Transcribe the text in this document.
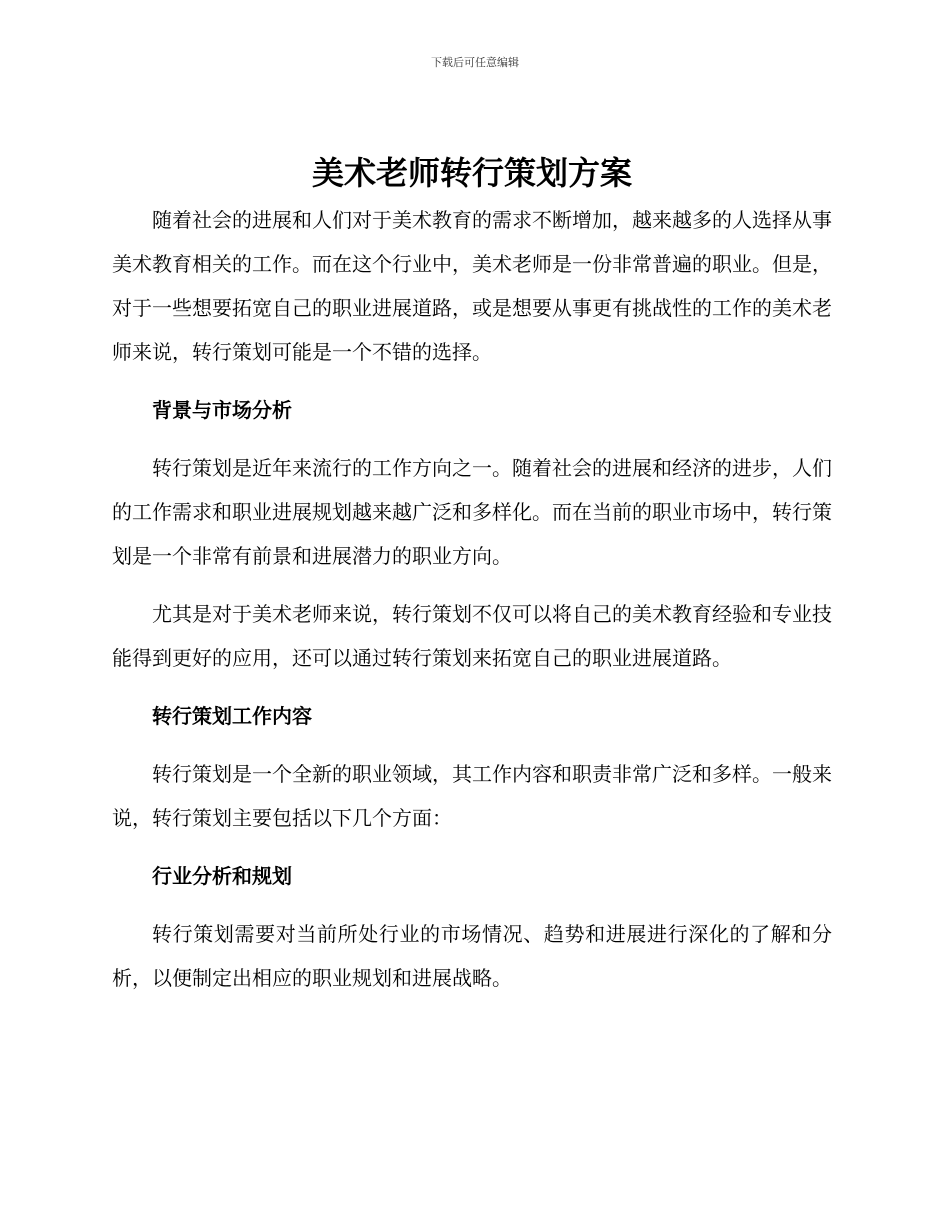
下载后可任意编辑
美术老师转行策划方案

随着社会的进展和人们对于美术教育的需求不断增加，越来越多的人选择从事美术教育相关的工作。而在这个行业中，美术老师是一份非常普遍的职业。但是，对于一些想要拓宽自己的职业进展道路，或是想要从事更有挑战性的工作的美术老师来说，转行策划可能是一个不错的选择。

背景与市场分析

转行策划是近年来流行的工作方向之一。随着社会的进展和经济的进步，人们的工作需求和职业进展规划越来越广泛和多样化。而在当前的职业市场中，转行策划是一个非常有前景和进展潜力的职业方向。

尤其是对于美术老师来说，转行策划不仅可以将自己的美术教育经验和专业技能得到更好的应用，还可以通过转行策划来拓宽自己的职业进展道路。

转行策划工作内容

转行策划是一个全新的职业领域，其工作内容和职责非常广泛和多样。一般来说，转行策划主要包括以下几个方面：

行业分析和规划

转行策划需要对当前所处行业的市场情况、趋势和进展进行深化的了解和分析，以便制定出相应的职业规划和进展战略。
